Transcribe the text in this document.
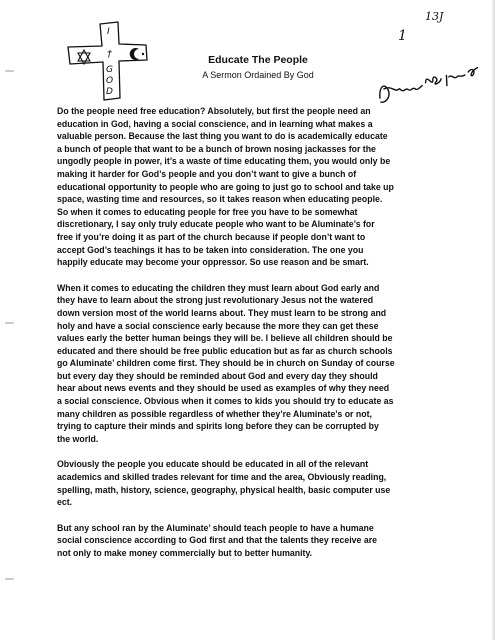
I
†
G
O
D
Educate The People
A Sermon Ordained By God
13J
1
Do the people need free education? Absolutely, but first the people need an
education in God, having a social conscience, and in learning what makes a
valuable person. Because the last thing you want to do is academically educate
a bunch of people that want to be a bunch of brown nosing jackasses for the
ungodly people in power, it’s a waste of time educating them, you would only be
making it harder for God’s people and you don’t want to give a bunch of
educational opportunity to people who are going to just go to school and take up
space, wasting time and resources, so it takes reason when educating people.
So when it comes to educating people for free you have to be somewhat
discretionary, I say only truly educate people who want to be Aluminate’s for
free if you’re doing it as part of the church because if people don’t want to
accept God’s teachings it has to be taken into consideration. The one you
happily educate may become your oppressor. So use reason and be smart.
When it comes to educating the children they must learn about God early and
they have to learn about the strong just revolutionary Jesus not the watered
down version most of the world learns about. They must learn to be strong and
holy and have a social conscience early because the more they can get these
values early the better human beings they will be. I believe all children should be
educated and there should be free public education but as far as church schools
go Aluminate’ children come first. They should be in church on Sunday of course
but every day they should be reminded about God and every day they should
hear about news events and they should be used as examples of why they need
a social conscience. Obvious when it comes to kids you should try to educate as
many children as possible regardless of whether they’re Aluminate’s or not,
trying to capture their minds and spirits long before they can be corrupted by
the world.
Obviously the people you educate should be educated in all of the relevant
academics and skilled trades relevant for time and the area, Obviously reading,
spelling, math, history, science, geography, physical health, basic computer use
ect.
But any school ran by the Aluminate’ should teach people to have a humane
social conscience according to God first and that the talents they receive are
not only to make money commercially but to better humanity.
